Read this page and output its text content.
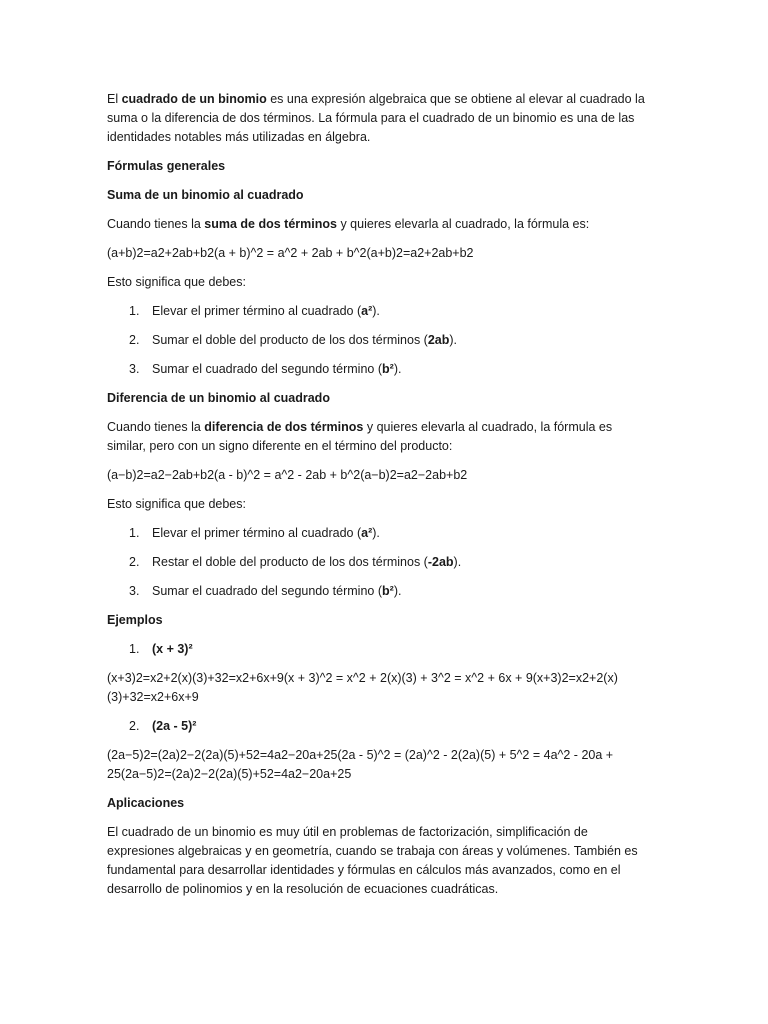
El cuadrado de un binomio es una expresión algebraica que se obtiene al elevar al cuadrado la suma o la diferencia de dos términos. La fórmula para el cuadrado de un binomio es una de las identidades notables más utilizadas en álgebra.

Fórmulas generales

Suma de un binomio al cuadrado

Cuando tienes la suma de dos términos y quieres elevarla al cuadrado, la fórmula es:

(a+b)2=a2+2ab+b2(a + b)^2 = a^2 + 2ab + b^2(a+b)2=a2+2ab+b2

Esto significa que debes:

1. Elevar el primer término al cuadrado (a²).
2. Sumar el doble del producto de los dos términos (2ab).
3. Sumar el cuadrado del segundo término (b²).

Diferencia de un binomio al cuadrado

Cuando tienes la diferencia de dos términos y quieres elevarla al cuadrado, la fórmula es similar, pero con un signo diferente en el término del producto:

(a−b)2=a2−2ab+b2(a - b)^2 = a^2 - 2ab + b^2(a−b)2=a2−2ab+b2

Esto significa que debes:

1. Elevar el primer término al cuadrado (a²).
2. Restar el doble del producto de los dos términos (-2ab).
3. Sumar el cuadrado del segundo término (b²).

Ejemplos

1. (x + 3)²

(x+3)2=x2+2(x)(3)+32=x2+6x+9(x + 3)^2 = x^2 + 2(x)(3) + 3^2 = x^2 + 6x + 9(x+3)2=x2+2(x)(3)+32=x2+6x+9

2. (2a - 5)²

(2a−5)2=(2a)2−2(2a)(5)+52=4a2−20a+25(2a - 5)^2 = (2a)^2 - 2(2a)(5) + 5^2 = 4a^2 - 20a + 25(2a−5)2=(2a)2−2(2a)(5)+52=4a2−20a+25

Aplicaciones

El cuadrado de un binomio es muy útil en problemas de factorización, simplificación de expresiones algebraicas y en geometría, cuando se trabaja con áreas y volúmenes. También es fundamental para desarrollar identidades y fórmulas en cálculos más avanzados, como en el desarrollo de polinomios y en la resolución de ecuaciones cuadráticas.
